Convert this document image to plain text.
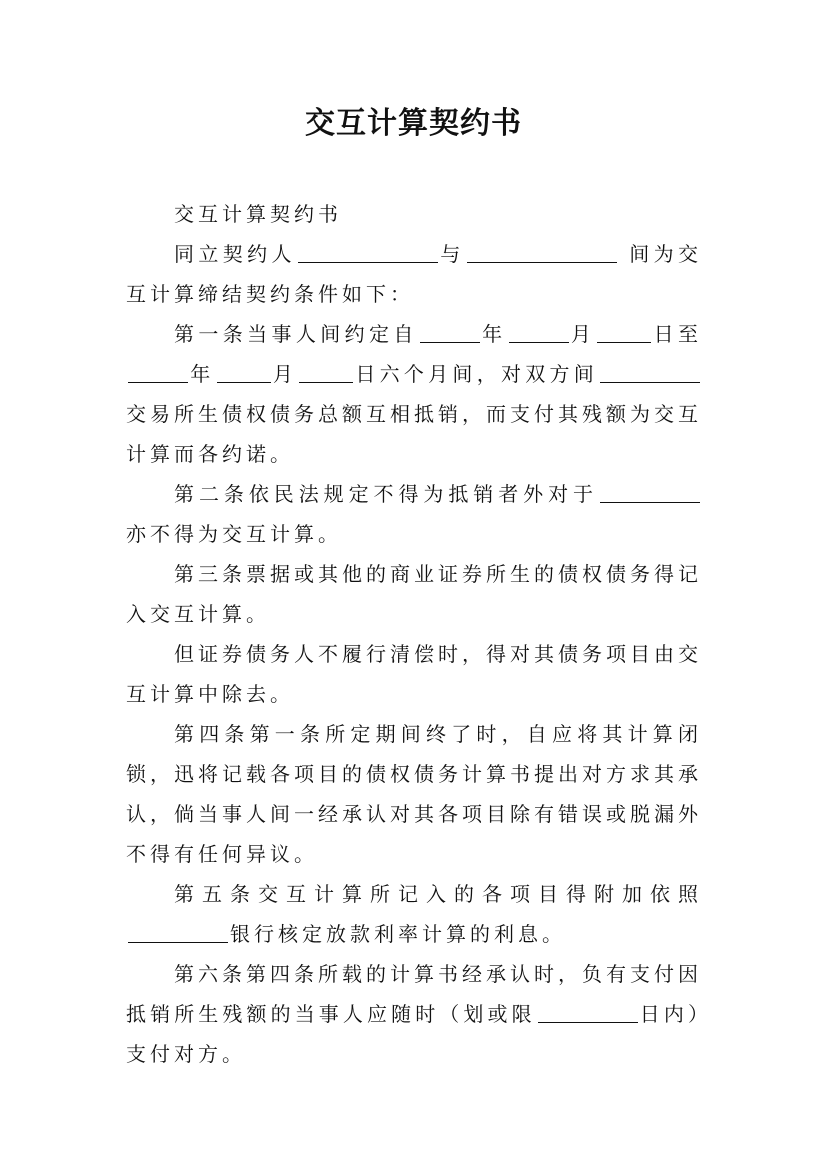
交互计算契约书

交互计算契约书

同立契约人	与	间为交互计算缔结契约条件如下：

第一条当事人间约定自	年	月	日至年	月	日六个月间，对双方间交易所生债权债务总额互相抵销，而支付其残额为交互计算而各约诺。

第二条依民法规定不得为抵销者外对于亦不得为交互计算。

第三条票据或其他的商业证券所生的债权债务得记入交互计算。

但证券债务人不履行清偿时，得对其债务项目由交互计算中除去。

第四条第一条所定期间终了时，自应将其计算闭锁，迅将记载各项目的债权债务计算书提出对方求其承认，倘当事人间一经承认对其各项目除有错误或脱漏外不得有任何异议。

第五条交互计算所记入的各项目得附加依照银行核定放款利率计算的利息。

第六条第四条所载的计算书经承认时，负有支付因抵销所生残额的当事人应随时（划或限	日内）支付对方。
